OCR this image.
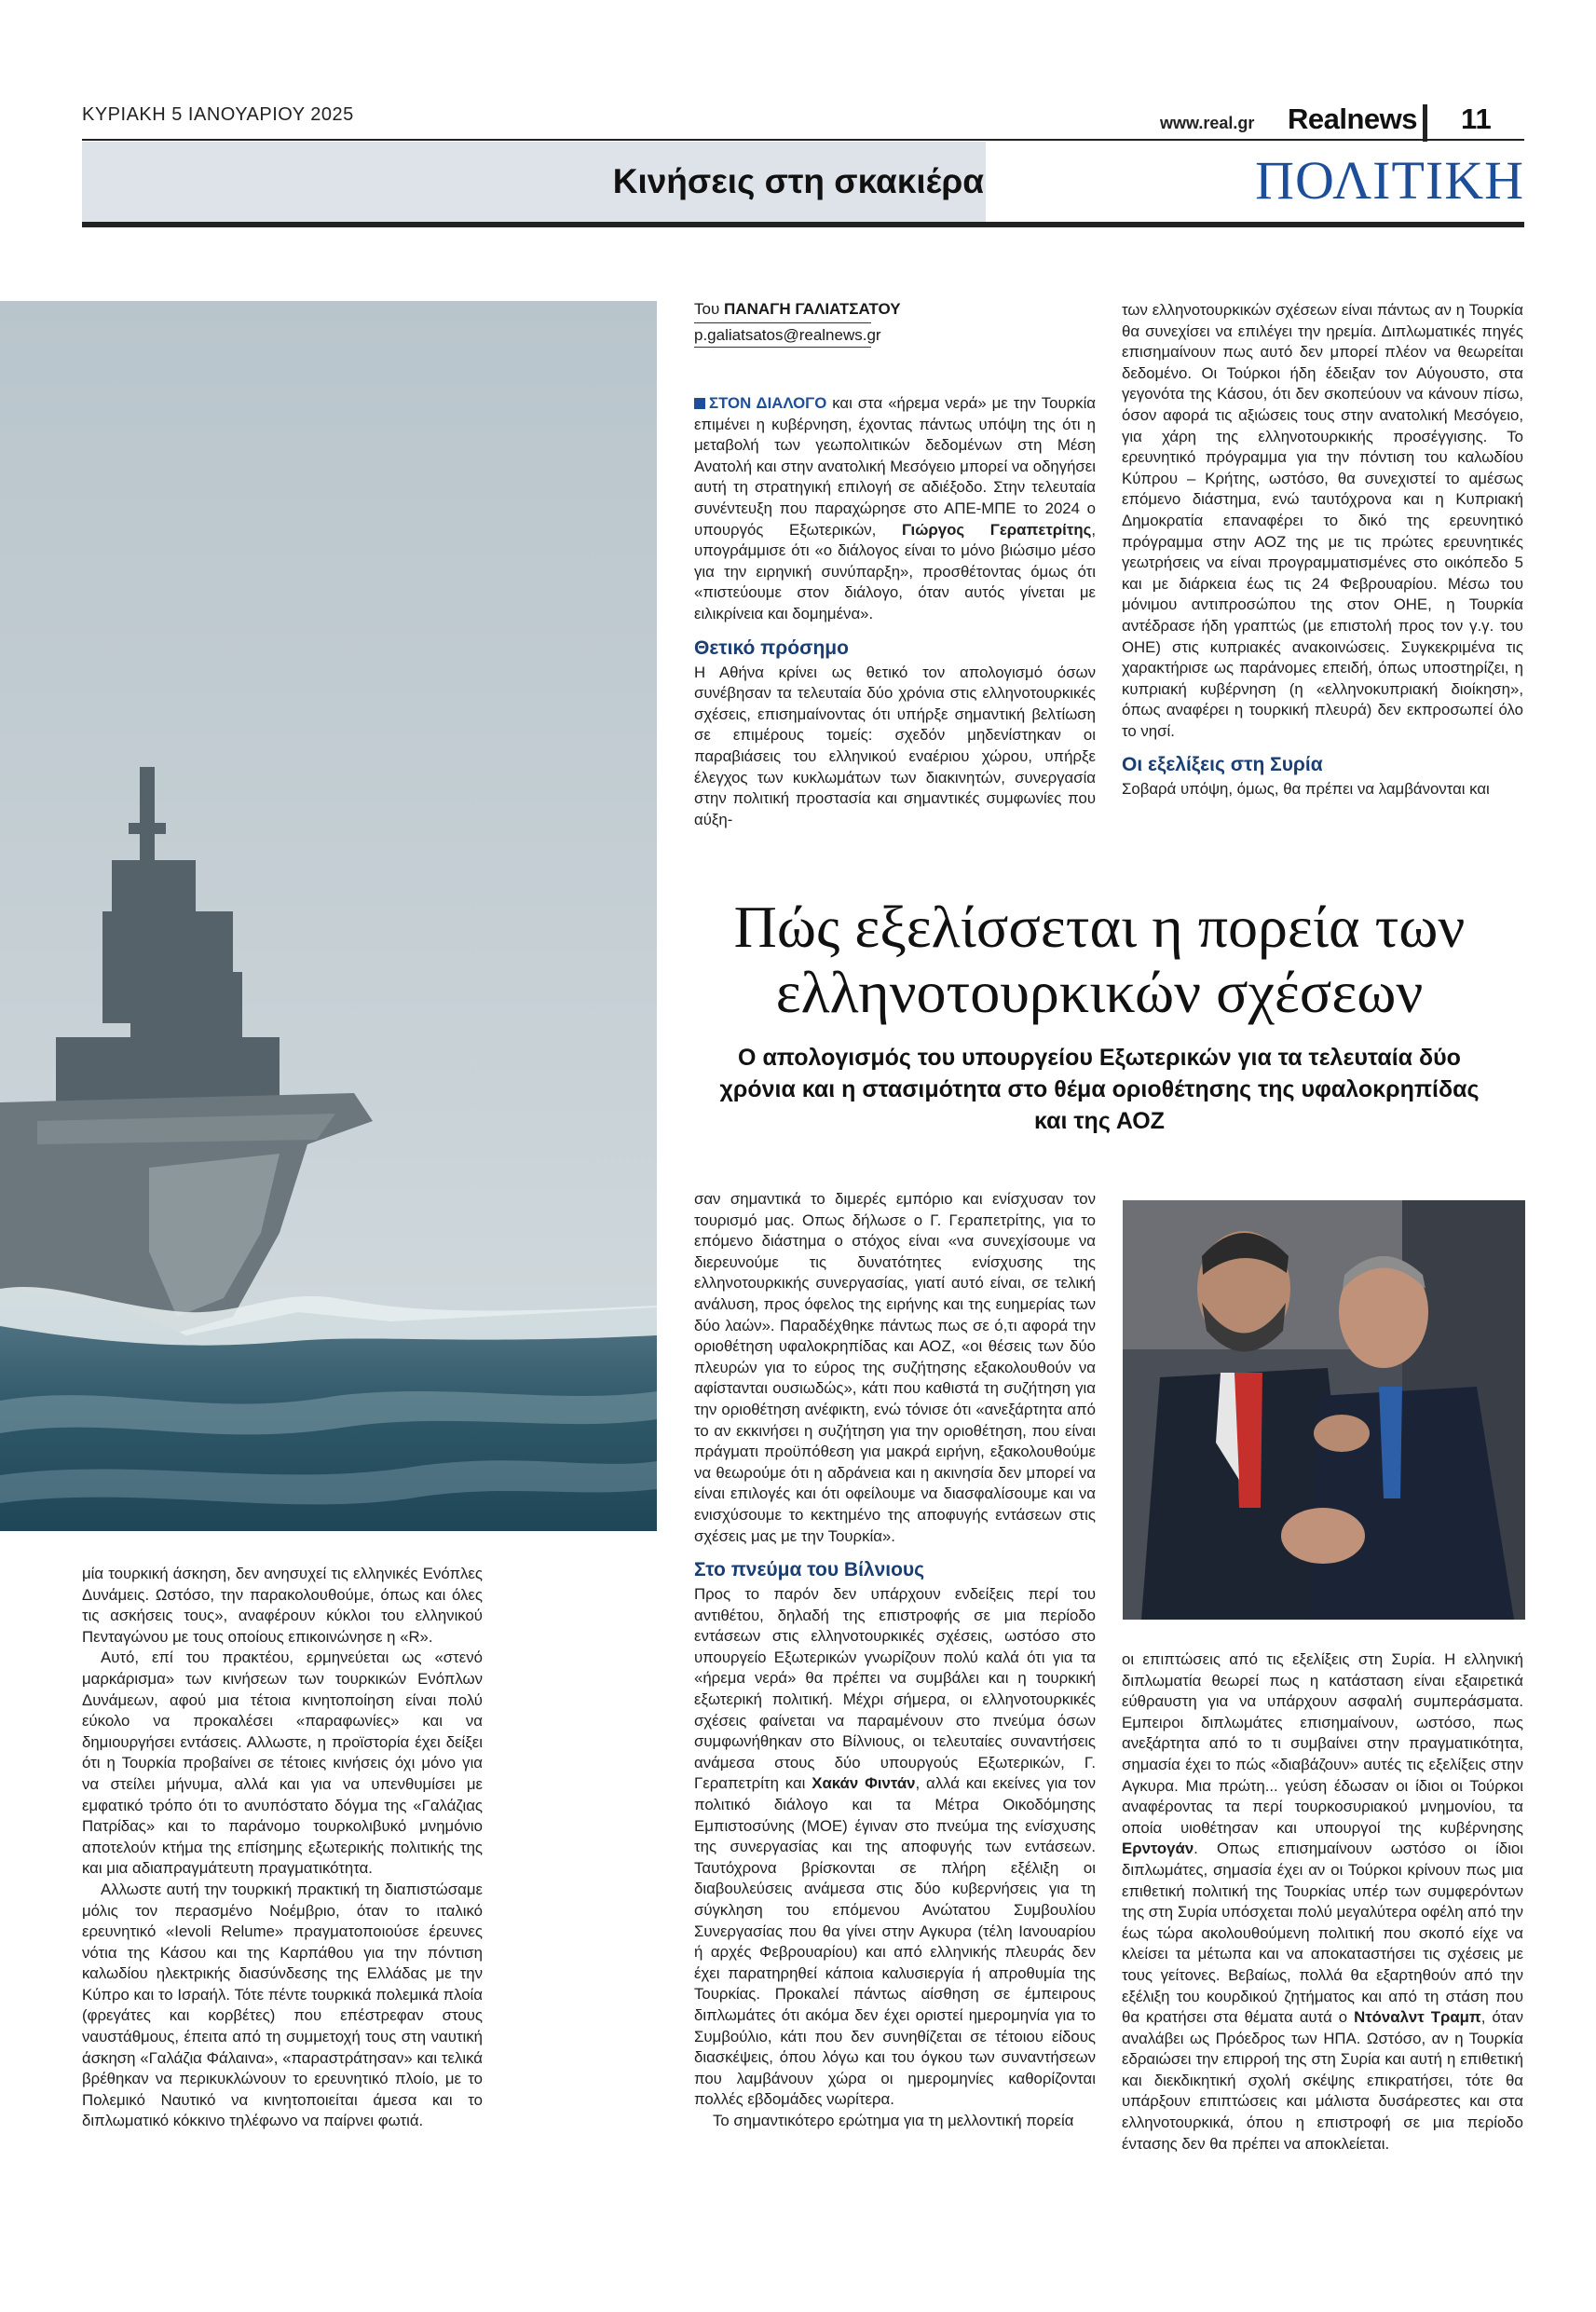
ΚΥΡΙΑΚΗ 5 ΙΑΝΟΥΑΡΙΟΥ 2025	www.real.gr Realnews 11
Κινήσεις στη σκακιέρα	ΠΟΛΙΤΙΚΗ
Του ΠΑΝΑΓΗ ΓΑΛΙΑΤΣΑΤΟΥ
p.galiatsatos@realnews.gr

ΣΤΟΝ ΔΙΑΛΟΓΟ και στα «ήρεμα νερά» με την Τουρκία επιμένει η κυβέρνηση, έχοντας πάντως υπόψη της ότι η μεταβολή των γεωπολιτικών δεδομένων στη Μέση Ανατολή και στην ανατολική Μεσόγειο μπορεί να οδηγήσει αυτή τη στρατηγική επιλογή σε αδιέξοδο. Στην τελευταία συνέντευξη που παραχώρησε στο ΑΠΕ-ΜΠΕ το 2024 ο υπουργός Εξωτερικών, Γιώργος Γεραπετρίτης, υπογράμμισε ότι «ο διάλογος είναι το μόνο βιώσιμο μέσο για την ειρηνική συνύπαρξη», προσθέτοντας όμως ότι «πιστεύουμε στον διάλογο, όταν αυτός γίνεται με ειλικρίνεια και δομημένα».

Θετικό πρόσημο

Η Αθήνα κρίνει ως θετικό τον απολογισμό όσων συνέβησαν τα τελευταία δύο χρόνια στις ελληνοτουρκικές σχέσεις, επισημαίνοντας ότι υπήρξε σημαντική βελτίωση σε επιμέρους τομείς: σχεδόν μηδενίστηκαν οι παραβιάσεις του ελληνικού εναέριου χώρου, υπήρξε έλεγχος των κυκλωμάτων των διακινητών, συνεργασία στην πολιτική προστασία και σημαντικές συμφωνίες που αύξη-

των ελληνοτουρκικών σχέσεων είναι πάντως αν η Τουρκία θα συνεχίσει να επιλέγει την ηρεμία. Διπλωματικές πηγές επισημαίνουν πως αυτό δεν μπορεί πλέον να θεωρείται δεδομένο. Οι Τούρκοι ήδη έδειξαν τον Αύγουστο, στα γεγονότα της Κάσου, ότι δεν σκοπεύουν να κάνουν πίσω, όσον αφορά τις αξιώσεις τους στην ανατολική Μεσόγειο, για χάρη της ελληνοτουρκικής προσέγγισης. Το ερευνητικό πρόγραμμα για την πόντιση του καλωδίου Κύπρου – Κρήτης, ωστόσο, θα συνεχιστεί το αμέσως επόμενο διάστημα, ενώ ταυτόχρονα και η Κυπριακή Δημοκρατία επαναφέρει το δικό της ερευνητικό πρόγραμμα στην ΑΟΖ της με τις πρώτες ερευνητικές γεωτρήσεις να είναι προγραμματισμένες στο οικόπεδο 5 και με διάρκεια έως τις 24 Φεβρουαρίου. Μέσω του μόνιμου αντιπροσώπου της στον ΟΗΕ, η Τουρκία αντέδρασε ήδη γραπτώς (με επιστολή προς τον γ.γ. του ΟΗΕ) στις κυπριακές ανακοινώσεις. Συγκεκριμένα τις χαρακτήρισε ως παράνομες επειδή, όπως υποστηρίζει, η κυπριακή κυβέρνηση (η «ελληνοκυπριακή διοίκηση», όπως αναφέρει η τουρκική πλευρά) δεν εκπροσωπεί όλο το νησί.

Οι εξελίξεις στη Συρία

Σοβαρά υπόψη, όμως, θα πρέπει να λαμβάνονται και

Πώς εξελίσσεται η πορεία των ελληνοτουρκικών σχέσεων
Ο απολογισμός του υπουργείου Εξωτερικών για τα τελευταία δύο χρόνια και η στασιμότητα στο θέμα οριοθέτησης της υφαλοκρηπίδας και της ΑΟΖ

μία τουρκική άσκηση, δεν ανησυχεί τις ελληνικές Ενόπλες Δυνάμεις. Ωστόσο, την παρακολουθούμε, όπως και όλες τις ασκήσεις τους», αναφέρουν κύκλοι του ελληνικού Πενταγώνου με τους οποίους επικοινώνησε η «R».

Αυτό, επί του πρακτέου, ερμηνεύεται ως «στενό μαρκάρισμα» των κινήσεων των τουρκικών Ενόπλων Δυνάμεων, αφού μια τέτοια κινητοποίηση είναι πολύ εύκολο να προκαλέσει «παραφωνίες» και να δημιουργήσει εντάσεις. Αλλωστε, η προϊστορία έχει δείξει ότι η Τουρκία προβαίνει σε τέτοιες κινήσεις όχι μόνο για να στείλει μήνυμα, αλλά και για να υπενθυμίσει με εμφατικό τρόπο ότι το ανυπόστατο δόγμα της «Γαλάζιας Πατρίδας» και το παράνομο τουρκολιβυκό μνημόνιο αποτελούν κτήμα της επίσημης εξωτερικής πολιτικής της και μια αδιαπραγμάτευτη πραγματικότητα.

Αλλωστε αυτή την τουρκική πρακτική τη διαπιστώσαμε μόλις τον περασμένο Νοέμβριο, όταν το ιταλικό ερευνητικό «Ievoli Relume» πραγματοποιούσε έρευνες νότια της Κάσου και της Καρπάθου για την πόντιση καλωδίου ηλεκτρικής διασύνδεσης της Ελλάδας με την Κύπρο και το Ισραήλ. Τότε πέντε τουρκικά πολεμικά πλοία (φρεγάτες και κορβέτες) που επέστρεφαν στους ναυστάθμους, έπειτα από τη συμμετοχή τους στη ναυτική άσκηση «Γαλάζια Φάλαινα», «παραστράτησαν» και τελικά βρέθηκαν να περικυκλώνουν το ερευνητικό πλοίο, με το Πολεμικό Ναυτικό να κινητοποιείται άμεσα και το διπλωματικό κόκκινο τηλέφωνο να παίρνει φωτιά.

σαν σημαντικά το διμερές εμπόριο και ενίσχυσαν τον τουρισμό μας. Οπως δήλωσε ο Γ. Γεραπετρίτης, για το επόμενο διάστημα ο στόχος είναι «να συνεχίσουμε να διερευνούμε τις δυνατότητες ενίσχυσης της ελληνοτουρκικής συνεργασίας, γιατί αυτό είναι, σε τελική ανάλυση, προς όφελος της ειρήνης και της ευημερίας των δύο λαών». Παραδέχθηκε πάντως πως σε ό,τι αφορά την οριοθέτηση υφαλοκρηπίδας και ΑΟΖ, «οι θέσεις των δύο πλευρών για το εύρος της συζήτησης εξακολουθούν να αφίστανται ουσιωδώς», κάτι που καθιστά τη συζήτηση για την οριοθέτηση ανέφικτη, ενώ τόνισε ότι «ανεξάρτητα από το αν εκκινήσει η συζήτηση για την οριοθέτηση, που είναι πράγματι προϋπόθεση για μακρά ειρήνη, εξακολουθούμε να θεωρούμε ότι η αδράνεια και η ακινησία δεν μπορεί να είναι επιλογές και ότι οφείλουμε να διασφαλίσουμε και να ενισχύσουμε το κεκτημένο της αποφυγής εντάσεων στις σχέσεις μας με την Τουρκία».

Στο πνεύμα του Βίλνιους

Προς το παρόν δεν υπάρχουν ενδείξεις περί του αντιθέτου, δηλαδή της επιστροφής σε μια περίοδο εντάσεων στις ελληνοτουρκικές σχέσεις, ωστόσο στο υπουργείο Εξωτερικών γνωρίζουν πολύ καλά ότι για τα «ήρεμα νερά» θα πρέπει να συμβάλει και η τουρκική εξωτερική πολιτική. Μέχρι σήμερα, οι ελληνοτουρκικές σχέσεις φαίνεται να παραμένουν στο πνεύμα όσων συμφωνήθηκαν στο Βίλνιους, οι τελευταίες συναντήσεις ανάμεσα στους δύο υπουργούς Εξωτερικών, Γ. Γεραπετρίτη και Χακάν Φιντάν, αλλά και εκείνες για τον πολιτικό διάλογο και τα Μέτρα Οικοδόμησης Εμπιστοσύνης (ΜΟΕ) έγιναν στο πνεύμα της ενίσχυσης της συνεργασίας και της αποφυγής των εντάσεων. Ταυτόχρονα βρίσκονται σε πλήρη εξέλιξη οι διαβουλεύσεις ανάμεσα στις δύο κυβερνήσεις για τη σύγκληση του επόμενου Ανώτατου Συμβουλίου Συνεργασίας που θα γίνει στην Αγκυρα (τέλη Ιανουαρίου ή αρχές Φεβρουαρίου) και από ελληνικής πλευράς δεν έχει παρατηρηθεί κάποια καλυσιεργία ή απροθυμία της Τουρκίας. Προκαλεί πάντως αίσθηση σε έμπειρους διπλωμάτες ότι ακόμα δεν έχει οριστεί ημερομηνία για το Συμβούλιο, κάτι που δεν συνηθίζεται σε τέτοιου είδους διασκέψεις, όπου λόγω και του όγκου των συναντήσεων που λαμβάνουν χώρα οι ημερομηνίες καθορίζονται πολλές εβδομάδες νωρίτερα.

Το σημαντικότερο ερώτημα για τη μελλοντική πορεία

οι επιπτώσεις από τις εξελίξεις στη Συρία. Η ελληνική διπλωματία θεωρεί πως η κατάσταση είναι εξαιρετικά εύθραυστη για να υπάρχουν ασφαλή συμπεράσματα. Εμπειροι διπλωμάτες επισημαίνουν, ωστόσο, πως ανεξάρτητα από το τι συμβαίνει στην πραγματικότητα, σημασία έχει το πώς «διαβάζουν» αυτές τις εξελίξεις στην Αγκυρα. Μια πρώτη... γεύση έδωσαν οι ίδιοι οι Τούρκοι αναφέροντας τα περί τουρκοσυριακού μνημονίου, τα οποία υιοθέτησαν και υπουργοί της κυβέρνησης Ερντογάν. Οπως επισημαίνουν ωστόσο οι ίδιοι διπλωμάτες, σημασία έχει αν οι Τούρκοι κρίνουν πως μια επιθετική πολιτική της Τουρκίας υπέρ των συμφερόντων της στη Συρία υπόσχεται πολύ μεγαλύτερα οφέλη από την έως τώρα ακολουθούμενη πολιτική που σκοπό είχε να κλείσει τα μέτωπα και να αποκαταστήσει τις σχέσεις με τους γείτονες. Βεβαίως, πολλά θα εξαρτηθούν από την εξέλιξη του κουρδικού ζητήματος και από τη στάση που θα κρατήσει στα θέματα αυτά ο Ντόναλντ Τραμπ, όταν αναλάβει ως Πρόεδρος των ΗΠΑ. Ωστόσο, αν η Τουρκία εδραιώσει την επιρροή της στη Συρία και αυτή η επιθετική και διεκδικητική σχολή σκέψης επικρατήσει, τότε θα υπάρξουν επιπτώσεις και μάλιστα δυσάρεστες και στα ελληνοτουρκικά, όπου η επιστροφή σε μια περίοδο έντασης δεν θα πρέπει να αποκλείεται.
